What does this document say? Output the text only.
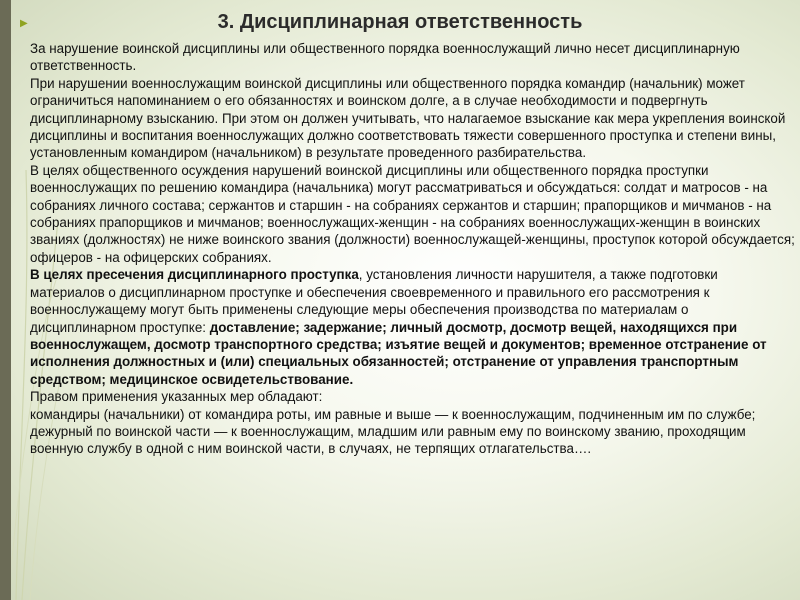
▶	3. Дисциплинарная ответственность

За нарушение воинской дисциплины или общественного порядка военнослужащий лично несет дисциплинарную ответственность.

При нарушении военнослужащим воинской дисциплины или общественного порядка командир (начальник) может ограничиться напоминанием о его обязанностях и воинском долге, а в случае необходимости и подвергнуть дисциплинарному взысканию. При этом он должен учитывать, что налагаемое взыскание как мера укрепления воинской дисциплины и воспитания военнослужащих должно соответствовать тяжести совершенного проступка и степени вины, установленным командиром (начальником) в результате проведенного разбирательства.

В целях общественного осуждения нарушений воинской дисциплины или общественного порядка проступки военнослужащих по решению командира (начальника) могут рассматриваться и обсуждаться: солдат и матросов - на собраниях личного состава; сержантов и старшин - на собраниях сержантов и старшин; прапорщиков и мичманов - на собраниях прапорщиков и мичманов; военнослужащих-женщин - на собраниях военнослужащих-женщин в воинских званиях (должностях) не ниже воинского звания (должности) военнослужащей-женщины, проступок которой обсуждается; офицеров - на офицерских собраниях.

В целях пресечения дисциплинарного проступка, установления личности нарушителя, а также подготовки материалов о дисциплинарном проступке и обеспечения своевременного и правильного его рассмотрения к военнослужащему могут быть применены следующие меры обеспечения производства по материалам о дисциплинарном проступке: доставление; задержание; личный досмотр, досмотр вещей, находящихся при военнослужащем, досмотр транспортного средства; изъятие вещей и документов; временное отстранение от исполнения должностных и (или) специальных обязанностей; отстранение от управления транспортным средством; медицинское освидетельствование.

Правом применения указанных мер обладают:

командиры (начальники) от командира роты, им равные и выше — к военнослужащим, подчиненным им по службе;

дежурный по воинской части — к военнослужащим, младшим или равным ему по воинскому званию, проходящим военную службу в одной с ним воинской части, в случаях, не терпящих отлагательства….
